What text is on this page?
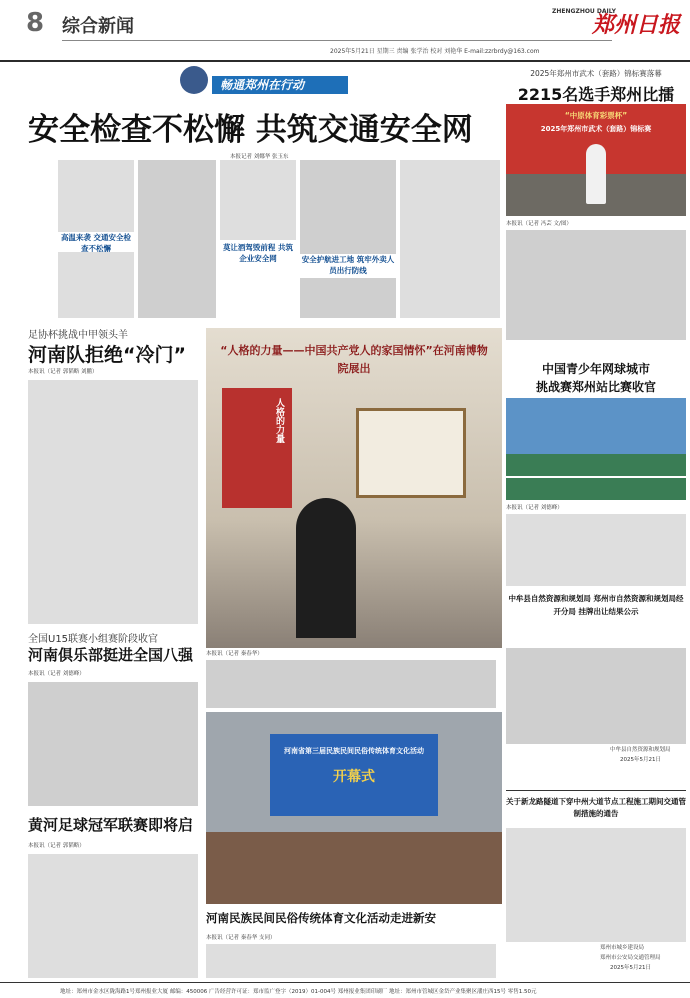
8 综合新闻
2025年5月21日 星期三 责编 张学治 校对 刘艳华 E-mail:zzrbrdy@163.com
ZHENGZHOU DAILY
郑州日报
畅通郑州在行动
安全检查不松懈 共筑交通安全网
本报记者 刘娜华 张玉东
高温来袭 交通安全检查不松懈	莫让酒驾毁前程 共筑企业安全网	安全护航进工地 筑牢外卖人员出行防线
足协杯挑战中甲领头羊
河南队拒绝“冷门”
本报讯（记者 郭韬略 刘鹏）
全国U15联赛小组赛阶段收官
河南俱乐部挺进全国八强
本报讯（记者 刘德峰）
黄河足球冠军联赛即将启
本报讯（记者 郭韬略）
人格的力量
“人格的力量——中国共产党人的家国情怀”在河南博物院展出
本报讯（记者 秦春华）
河南省第三届民族民间民俗传统体育文化活动
开幕式
河南民族民间民俗传统体育文化活动走进新安
本报讯（记者 秦春华 支同）
2025年郑州市武术（套路）锦标赛落幕
2215名选手郑州比擂
“中原体育彩票杯”
2025年郑州市武术（套路）锦标赛
本报讯（记者 冯芸 文/图）
中国青少年网球城市
挑战赛郑州站比赛收官
本报讯（记者 刘德峰）
中牟县自然资源和规划局 郑州市自然资源和规划局经开分局 挂牌出让结果公示
中牟县自然资源和规划局
2025年5月21日
关于新龙路隧道下穿中州大道节点工程施工期间交通管制措施的通告
郑州市城乡建设局
郑州市公安局交通管理局
2025年5月21日
地址：郑州市金水区陇海路1号郑州报业大厦 邮编：450006 广告经营许可证：郑市监广登字（2019）01-004号 郑州报业集团印刷厂 地址：郑州市管城区金岱产业集聚区潘庄西15号 零售1.50元
